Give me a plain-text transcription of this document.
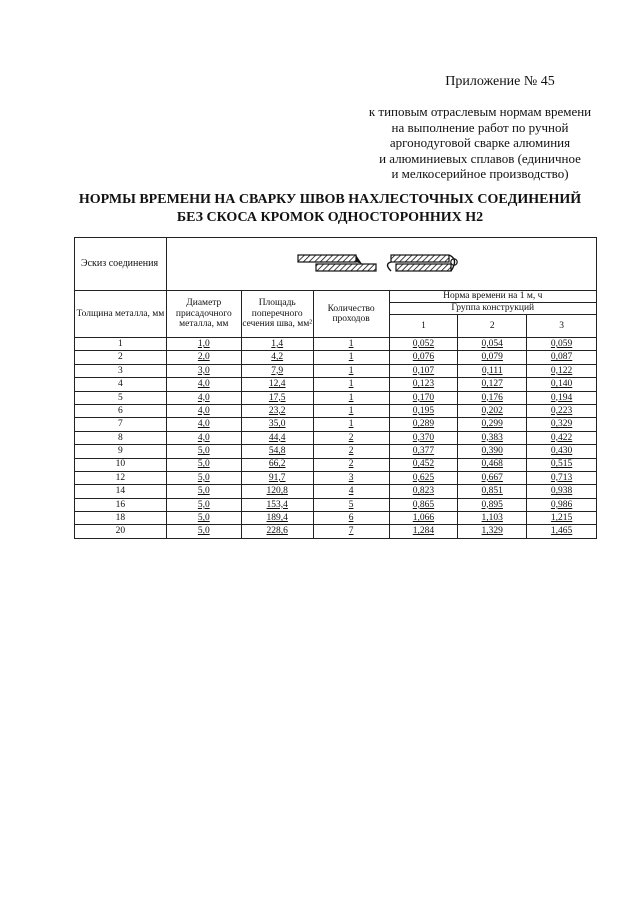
Приложение № 45
к типовым отраслевым нормам времени
на выполнение работ по ручной
аргонодуговой сварке алюминия
и алюминиевых сплавов (единичное
и мелкосерийное производство)
НОРМЫ ВРЕМЕНИ НА СВАРКУ ШВОВ НАХЛЕСТОЧНЫХ СОЕДИНЕНИЙ
БЕЗ СКОСА КРОМОК ОДНОСТОРОННИХ Н2
Эскиз соединения	

Толщина металла, мм	Диаметр присадочного металла, мм	Площадь поперечного сечения шва, мм²	Количество проходов	Норма времени на 1 м, ч		
				Группа конструкций		
				1	2	3
1	1,0	1,4	1	0,052	0,054	0,059
2	2,0	4,2	1	0,076	0,079	0,087
3	3,0	7,9	1	0,107	0,111	0,122
4	4,0	12,4	1	0,123	0,127	0,140
5	4,0	17,5	1	0,170	0,176	0,194
6	4,0	23,2	1	0,195	0,202	0,223
7	4,0	35,0	1	0,289	0,299	0,329
8	4,0	44,4	2	0,370	0,383	0,422
9	5,0	54,8	2	0,377	0,390	0,430
10	5,0	66,2	2	0,452	0,468	0,515
12	5,0	91,7	3	0,625	0,667	0,713
14	5,0	120,8	4	0,823	0,851	0,938
16	5,0	153,4	5	0,865	0,895	0,986
18	5,0	189,4	6	1,066	1,103	1,215
20	5,0	228,6	7	1,284	1,329	1,465
